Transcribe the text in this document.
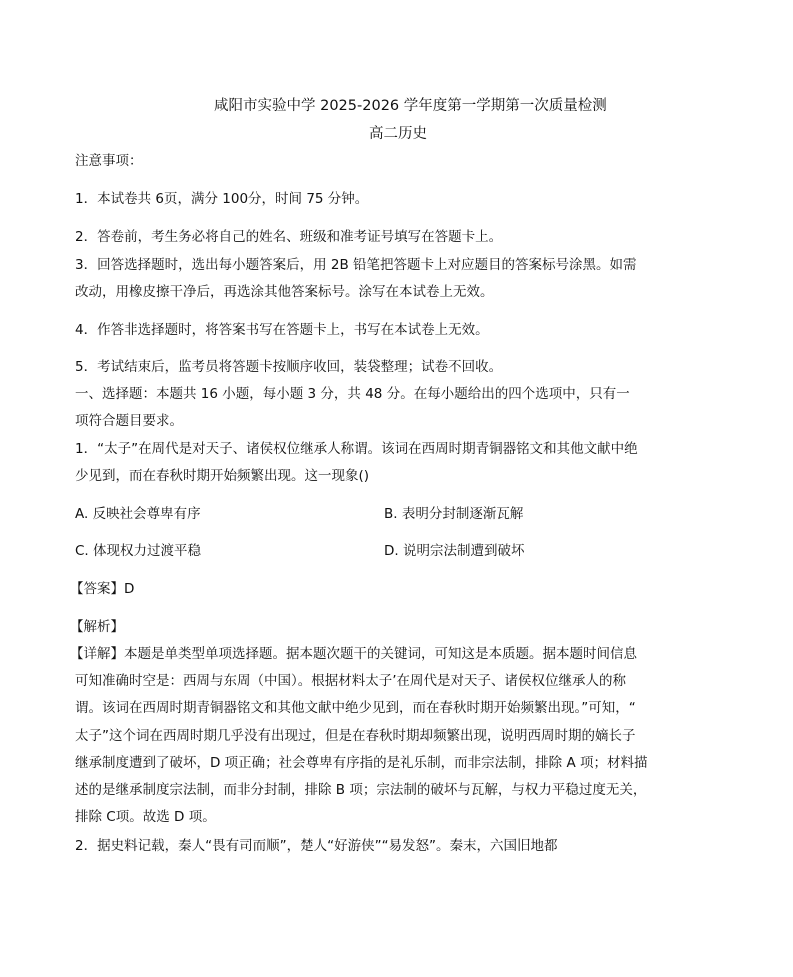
咸阳市实验中学 2025-2026 学年度第一学期第一次质量检测
高二历史
注意事项：
1．本试卷共 6页，满分 100分，时间 75 分钟。
2．答卷前，考生务必将自己的姓名、班级和准考证号填写在答题卡上。
3．回答选择题时，选出每小题答案后，用 2B 铅笔把答题卡上对应题目的答案标号涂黑。如需
改动，用橡皮擦干净后，再选涂其他答案标号。涂写在本试卷上无效。
4．作答非选择题时，将答案书写在答题卡上，书写在本试卷上无效。
5．考试结束后，监考员将答题卡按顺序收回，装袋整理；试卷不回收。
一、选择题：本题共 16 小题，每小题 3 分，共 48 分。在每小题给出的四个选项中，只有一
项符合题目要求。
1．“太子”在周代是对天子、诸侯权位继承人称谓。该词在西周时期青铜器铭文和其他文献中绝
少见到，而在春秋时期开始频繁出现。这一现象()
A. 反映社会尊卑有序	B. 表明分封制逐渐瓦解
C. 体现权力过渡平稳	D. 说明宗法制遭到破坏
【答案】D
【解析】
【详解】本题是单类型单项选择题。据本题次题干的关键词，可知这是本质题。据本题时间信息
可知准确时空是：西周与东周（中国）。根据材料太子’在周代是对天子、诸侯权位继承人的称
谓。该词在西周时期青铜器铭文和其他文献中绝少见到，而在春秋时期开始频繁出现。”可知，“
太子”这个词在西周时期几乎没有出现过，但是在春秋时期却频繁出现，说明西周时期的嫡长子
继承制度遭到了破坏，D 项正确；社会尊卑有序指的是礼乐制，而非宗法制，排除 A 项；材料描
述的是继承制度宗法制，而非分封制，排除 B 项；宗法制的破坏与瓦解，与权力平稳过度无关，
排除 C项。故选 D 项。
2．据史料记载，秦人“畏有司而顺”，楚人“好游侠”“易发怒”。秦末，六国旧地都
